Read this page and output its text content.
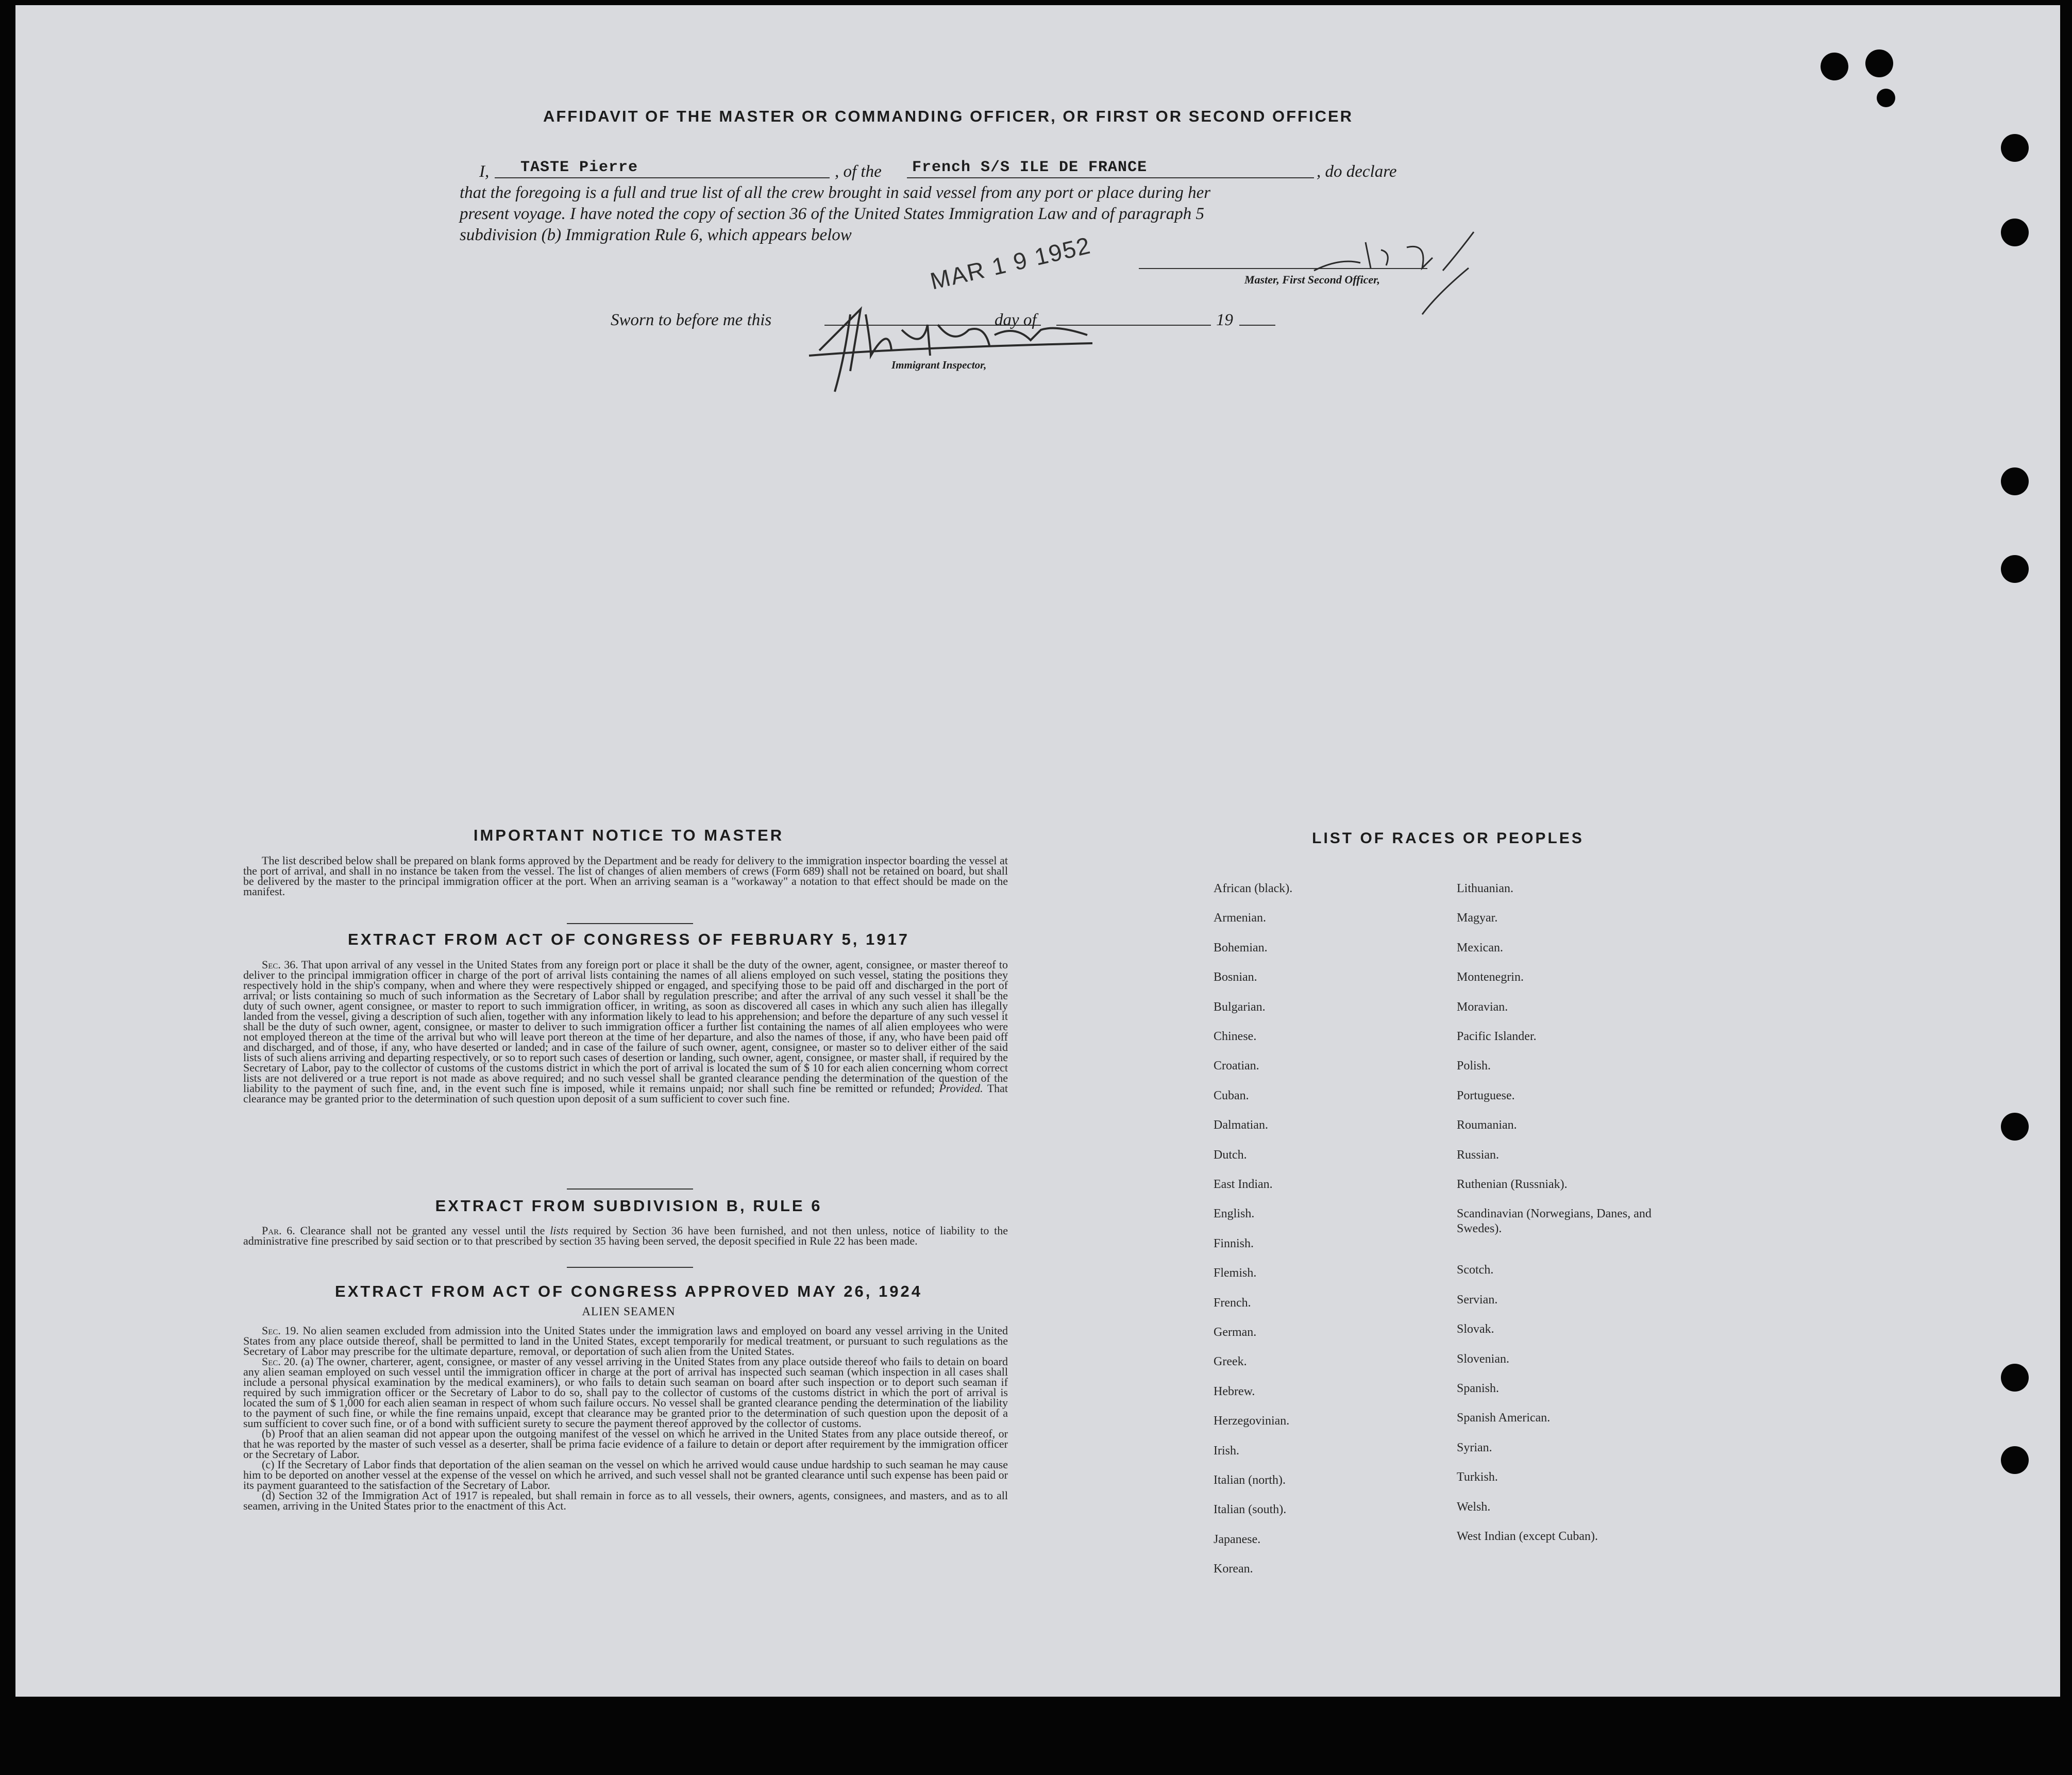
AFFIDAVIT OF THE MASTER OR COMMANDING OFFICER, OR FIRST OR SECOND OFFICER
I, TASTE Pierre	, of the French S/S ILE DE FRANCE	, do declare
that the foregoing is a full and true list of all the crew brought in said vessel from any port or place during her
present voyage. I have noted the copy of section 36 of the United States Immigration Law and of paragraph 5
subdivision (b) Immigration Rule 6, which appears below
Master, First Second Officer,
Sworn to before me this	day of	19
MAR 1 9 1952
Immigrant Inspector,
IMPORTANT NOTICE TO MASTER

The list described below shall be prepared on blank forms approved by the Department and be ready for delivery to the immigration inspector boarding the vessel at the port of arrival, and shall in no instance be taken from the vessel. The list of changes of alien members of crews (Form 689) shall not be retained on board, but shall be delivered by the master to the principal immigration officer at the port. When an arriving seaman is a "workaway" a notation to that effect should be made on the manifest.

EXTRACT FROM ACT OF CONGRESS OF FEBRUARY 5, 1917

Sec. 36. That upon arrival of any vessel in the United States from any foreign port or place it shall be the duty of the owner, agent, consignee, or master thereof to deliver to the principal immigration officer in charge of the port of arrival lists containing the names of all aliens employed on such vessel, stating the positions they respectively hold in the ship's company, when and where they were respectively shipped or engaged, and specifying those to be paid off and discharged in the port of arrival; or lists containing so much of such information as the Secretary of Labor shall by regulation prescribe; and after the arrival of any such vessel it shall be the duty of such owner, agent consignee, or master to report to such immigration officer, in writing, as soon as discovered all cases in which any such alien has illegally landed from the vessel, giving a description of such alien, together with any information likely to lead to his apprehension; and before the departure of any such vessel it shall be the duty of such owner, agent, consignee, or master to deliver to such immigration officer a further list containing the names of all alien employees who were not employed thereon at the time of the arrival but who will leave port thereon at the time of her departure, and also the names of those, if any, who have been paid off and discharged, and of those, if any, who have deserted or landed; and in case of the failure of such owner, agent, consignee, or master so to deliver either of the said lists of such aliens arriving and departing respectively, or so to report such cases of desertion or landing, such owner, agent, consignee, or master shall, if required by the Secretary of Labor, pay to the collector of customs of the customs district in which the port of arrival is located the sum of $ 10 for each alien concerning whom correct lists are not delivered or a true report is not made as above required; and no such vessel shall be granted clearance pending the determination of the question of the liability to the payment of such fine, and, in the event such fine is imposed, while it remains unpaid; nor shall such fine be remitted or refunded; Provided. That clearance may be granted prior to the determination of such question upon deposit of a sum sufficient to cover such fine.

EXTRACT FROM SUBDIVISION B, RULE 6

Par. 6. Clearance shall not be granted any vessel until the lists required by Section 36 have been furnished, and not then unless, notice of liability to the administrative fine prescribed by said section or to that prescribed by section 35 having been served, the deposit specified in Rule 22 has been made.

EXTRACT FROM ACT OF CONGRESS APPROVED MAY 26, 1924
ALIEN SEAMEN

Sec. 19. No alien seamen excluded from admission into the United States under the immigration laws and employed on board any vessel arriving in the United States from any place outside thereof, shall be permitted to land in the United States, except temporarily for medical treatment, or pursuant to such regulations as the Secretary of Labor may prescribe for the ultimate departure, removal, or deportation of such alien from the United States.

Sec. 20. (a) The owner, charterer, agent, consignee, or master of any vessel arriving in the United States from any place outside thereof who fails to detain on board any alien seaman employed on such vessel until the immigration officer in charge at the port of arrival has inspected such seaman (which inspection in all cases shall include a personal physical examination by the medical examiners), or who fails to detain such seaman on board after such inspection or to deport such seaman if required by such immigration officer or the Secretary of Labor to do so, shall pay to the collector of customs of the customs district in which the port of arrival is located the sum of $ 1,000 for each alien seaman in respect of whom such failure occurs. No vessel shall be granted clearance pending the determination of the liability to the payment of such fine, or while the fine remains unpaid, except that clearance may be granted prior to the determination of such question upon the deposit of a sum sufficient to cover such fine, or of a bond with sufficient surety to secure the payment thereof approved by the collector of customs.

(b) Proof that an alien seaman did not appear upon the outgoing manifest of the vessel on which he arrived in the United States from any place outside thereof, or that he was reported by the master of such vessel as a deserter, shall be prima facie evidence of a failure to detain or deport after requirement by the immigration officer or the Secretary of Labor.

(c) If the Secretary of Labor finds that deportation of the alien seaman on the vessel on which he arrived would cause undue hardship to such seaman he may cause him to be deported on another vessel at the expense of the vessel on which he arrived, and such vessel shall not be granted clearance until such expense has been paid or its payment guaranteed to the satisfaction of the Secretary of Labor.

(d) Section 32 of the Immigration Act of 1917 is repealed, but shall remain in force as to all vessels, their owners, agents, consignees, and masters, and as to all seamen, arriving in the United States prior to the enactment of this Act.

LIST OF RACES OR PEOPLES
African (black).
Armenian.
Bohemian.
Bosnian.
Bulgarian.
Chinese.
Croatian.
Cuban.
Dalmatian.
Dutch.
East Indian.
English.
Finnish.
Flemish.
French.
German.
Greek.
Hebrew.
Herzegovinian.
Irish.
Italian (north).
Italian (south).
Japanese.
Korean.
Lithuanian.
Magyar.
Mexican.
Montenegrin.
Moravian.
Pacific Islander.
Polish.
Portuguese.
Roumanian.
Russian.
Ruthenian (Russniak).
Scandinavian (Norwegians, Danes, and Swedes).
Scotch.
Servian.
Slovak.
Slovenian.
Spanish.
Spanish American.
Syrian.
Turkish.
Welsh.
West Indian (except Cuban).
